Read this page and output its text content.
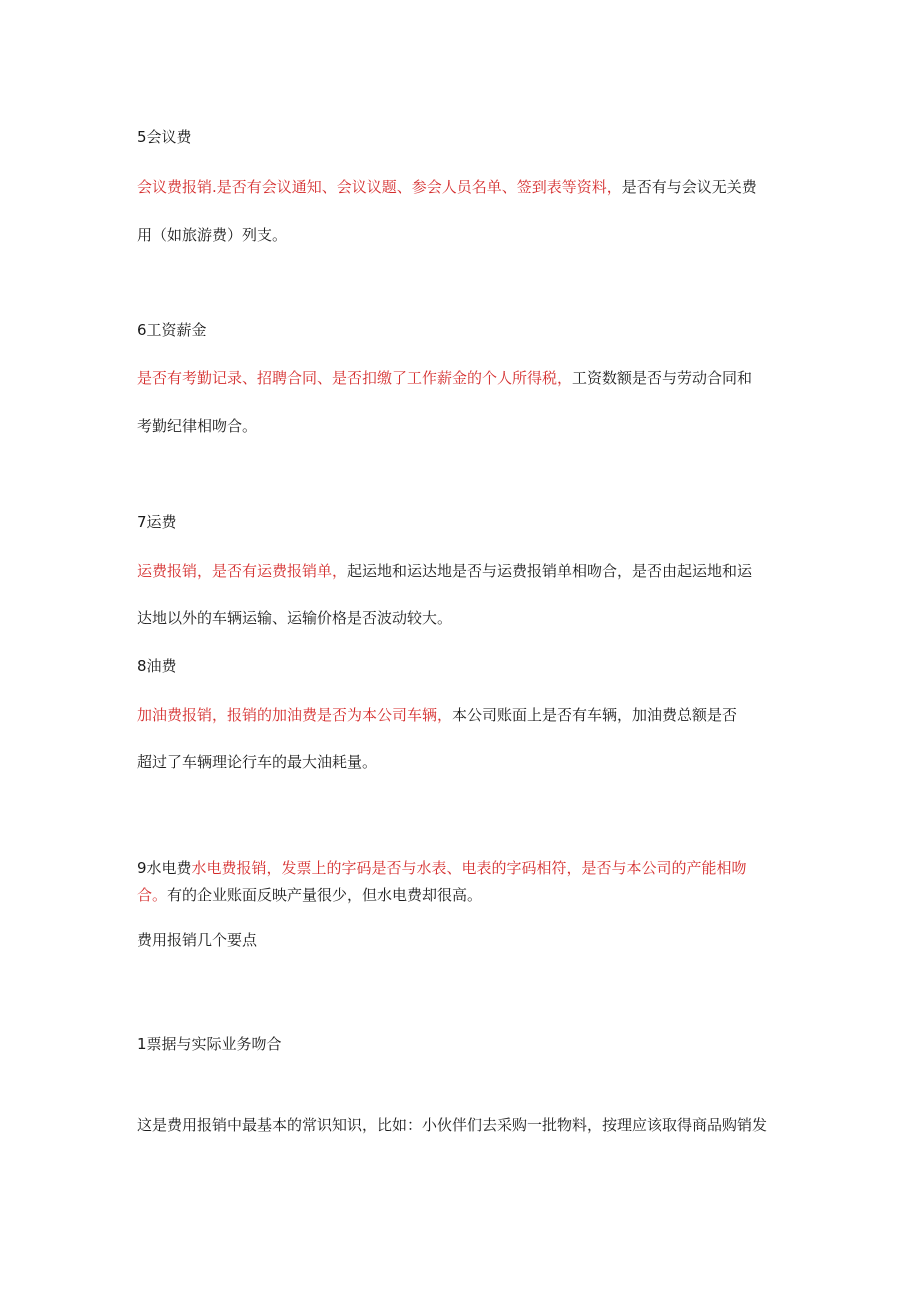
5会议费
会议费报销.是否有会议通知、会议议题、参会人员名单、签到表等资料，是否有与会议无关费
用（如旅游费）列支。
6工资薪金
是否有考勤记录、招聘合同、是否扣缴了工作薪金的个人所得税，工资数额是否与劳动合同和
考勤纪律相吻合。
7运费
运费报销，是否有运费报销单，起运地和运达地是否与运费报销单相吻合，是否由起运地和运
达地以外的车辆运输、运输价格是否波动较大。
8油费
加油费报销，报销的加油费是否为本公司车辆，本公司账面上是否有车辆，加油费总额是否
超过了车辆理论行车的最大油耗量。
9水电费水电费报销，发票上的字码是否与水表、电表的字码相符，是否与本公司的产能相吻
合。有的企业账面反映产量很少，但水电费却很高。
费用报销几个要点
1票据与实际业务吻合
这是费用报销中最基本的常识知识，比如：小伙伴们去采购一批物料，按理应该取得商品购销发
